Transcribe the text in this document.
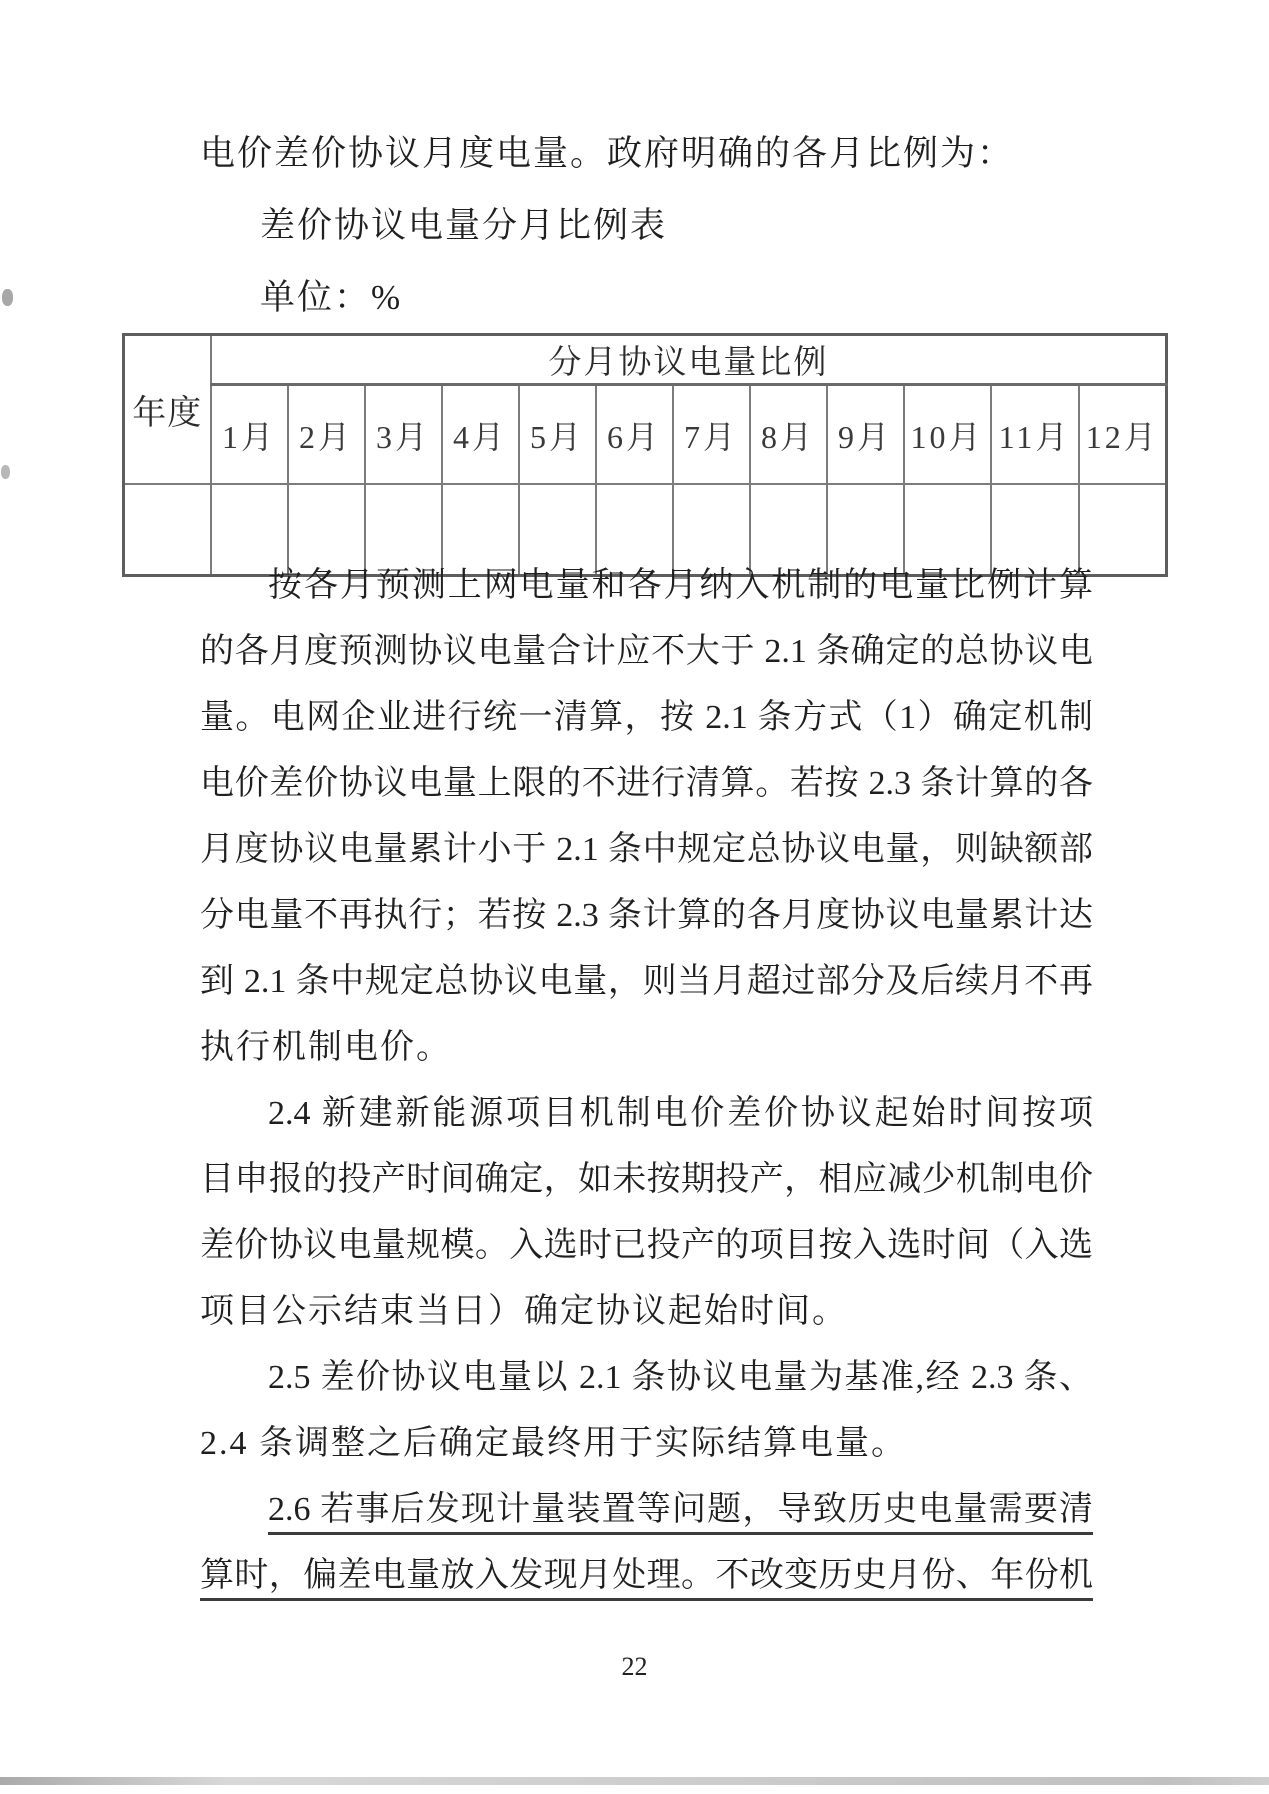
电价差价协议月度电量。政府明确的各月比例为：
差价协议电量分月比例表
单位：%
年度	分月协议电量比例											
	1月	2月	3月	4月	5月	6月	7月	8月	9月	10月	11月	12月

按各月预测上网电量和各月纳入机制的电量比例计算
的各月度预测协议电量合计应不大于 2.1 条确定的总协议电
量。电网企业进行统一清算，按 2.1 条方式（1）确定机制
电价差价协议电量上限的不进行清算。若按 2.3 条计算的各
月度协议电量累计小于 2.1 条中规定总协议电量，则缺额部
分电量不再执行；若按 2.3 条计算的各月度协议电量累计达
到 2.1 条中规定总协议电量，则当月超过部分及后续月不再
执行机制电价。
2.4 新建新能源项目机制电价差价协议起始时间按项
目申报的投产时间确定，如未按期投产，相应减少机制电价
差价协议电量规模。入选时已投产的项目按入选时间（入选
项目公示结束当日）确定协议起始时间。
2.5 差价协议电量以 2.1 条协议电量为基准,经 2.3 条、
2.4 条调整之后确定最终用于实际结算电量。
2.6 若事后发现计量装置等问题，导致历史电量需要清
算时，偏差电量放入发现月处理。不改变历史月份、年份机
22
